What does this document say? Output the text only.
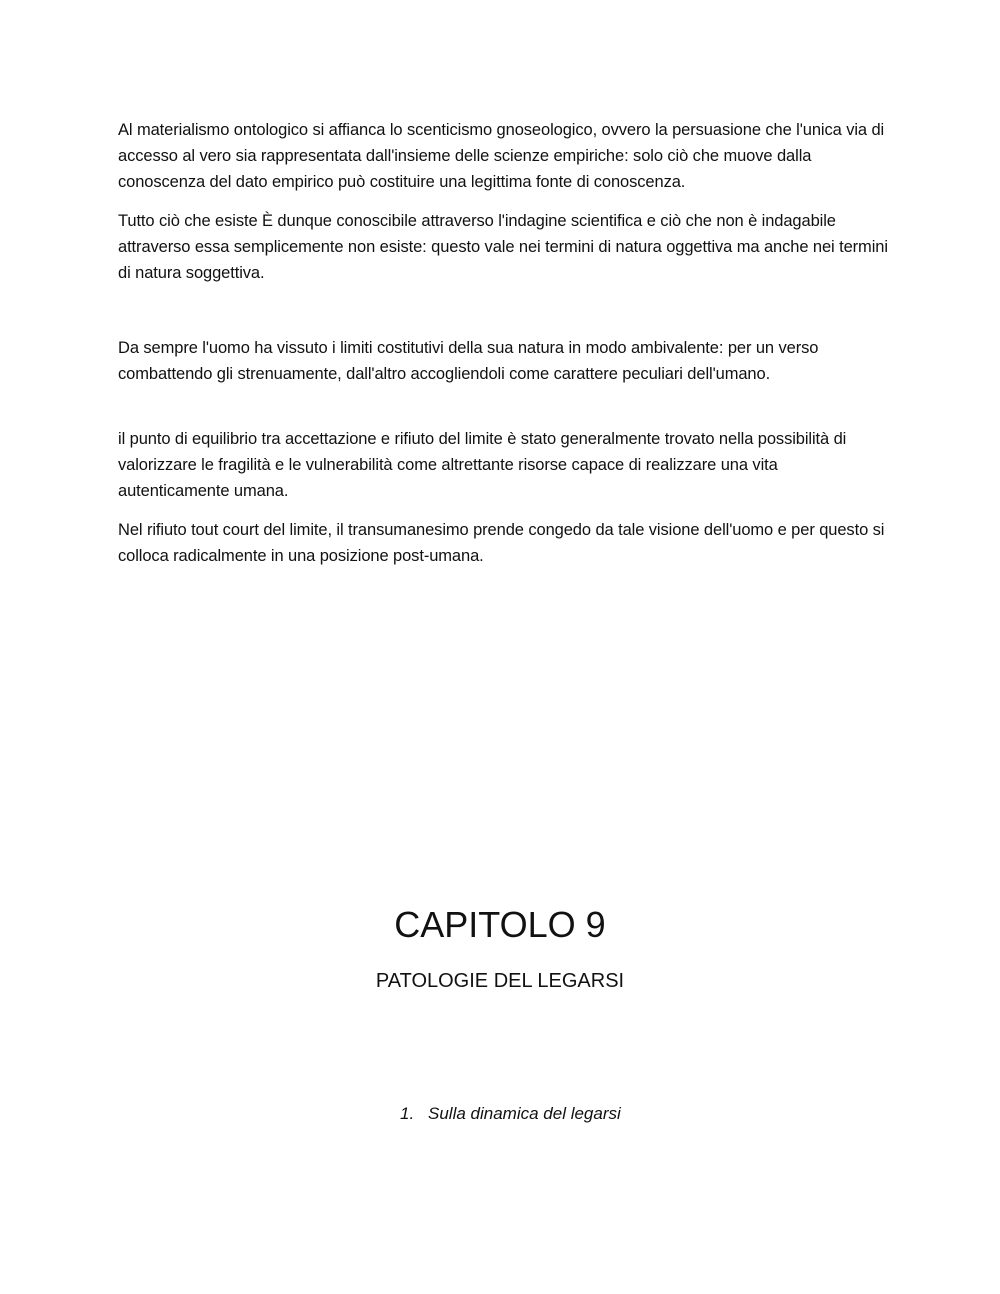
Al materialismo ontologico si affianca lo scenticismo gnoseologico, ovvero la persuasione che l'unica via di accesso al vero sia rappresentata dall'insieme delle scienze empiriche: solo ciò che muove dalla conoscenza del dato empirico può costituire una legittima fonte di conoscenza.

Tutto ciò che esiste È dunque conoscibile attraverso l'indagine scientifica e ciò che non è indagabile attraverso essa semplicemente non esiste: questo vale nei termini di natura oggettiva ma anche nei termini di natura soggettiva.

Da sempre l'uomo ha vissuto i limiti costitutivi della sua natura in modo ambivalente: per un verso combattendo gli strenuamente, dall'altro accogliendoli come carattere peculiari dell'umano.

il punto di equilibrio tra accettazione e rifiuto del limite è stato generalmente trovato nella possibilità di valorizzare le fragilità e le vulnerabilità come altrettante risorse capace di realizzare una vita autenticamente umana.

Nel rifiuto tout court del limite, il transumanesimo prende congedo da tale visione dell'uomo e per questo si colloca radicalmente in una posizione post-umana.

CAPITOLO 9
PATOLOGIE DEL LEGARSI

1. Sulla dinamica del legarsi
